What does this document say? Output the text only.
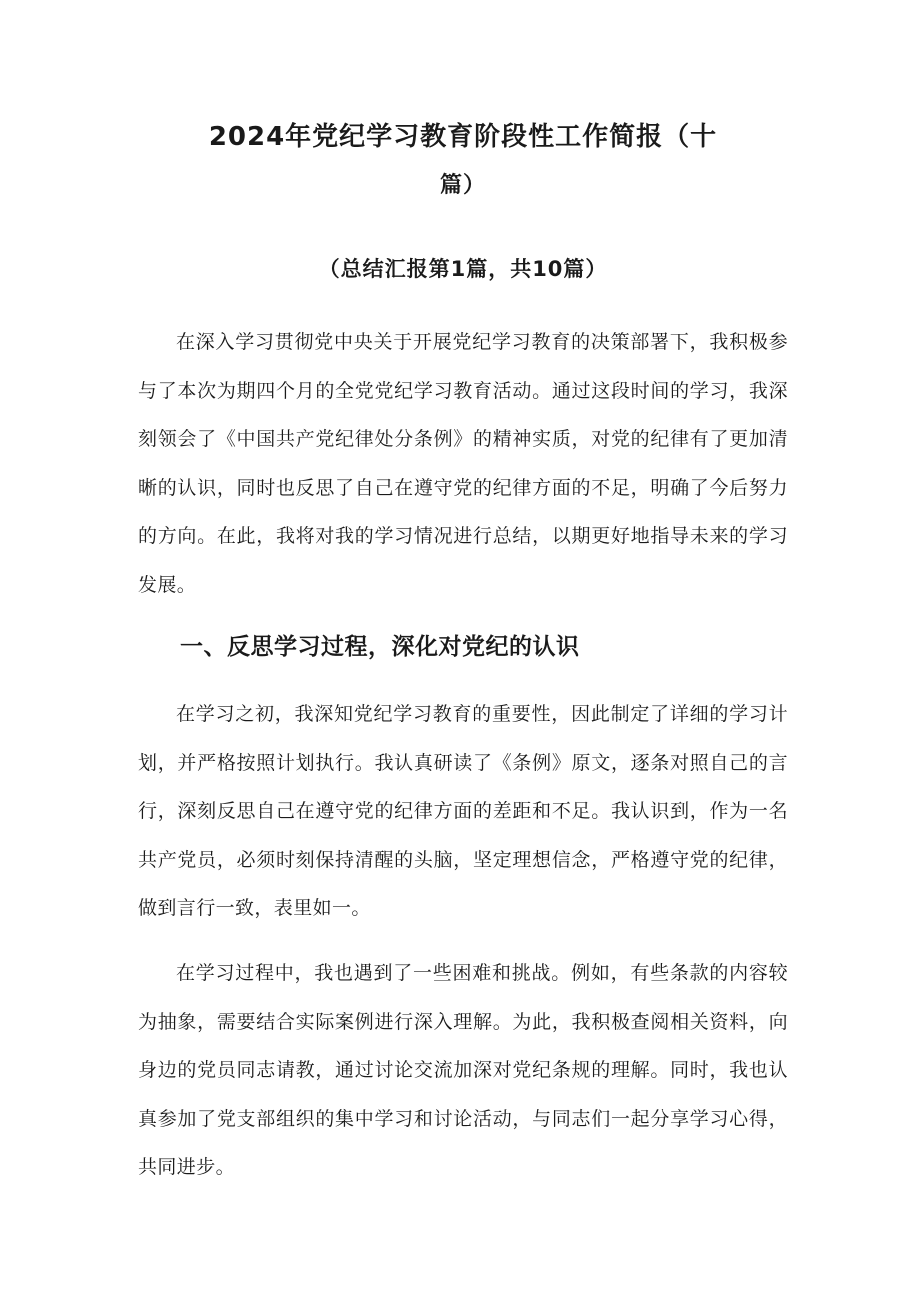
2024年党纪学习教育阶段性工作简报（十
篇）
（总结汇报第1篇，共10篇）

在深入学习贯彻党中央关于开展党纪学习教育的决策部署下，我积极参与了本次为期四个月的全党党纪学习教育活动。通过这段时间的学习，我深刻领会了《中国共产党纪律处分条例》的精神实质，对党的纪律有了更加清晰的认识，同时也反思了自己在遵守党的纪律方面的不足，明确了今后努力的方向。在此，我将对我的学习情况进行总结，以期更好地指导未来的学习发展。

一、反思学习过程，深化对党纪的认识

在学习之初，我深知党纪学习教育的重要性，因此制定了详细的学习计划，并严格按照计划执行。我认真研读了《条例》原文，逐条对照自己的言行，深刻反思自己在遵守党的纪律方面的差距和不足。我认识到，作为一名共产党员，必须时刻保持清醒的头脑，坚定理想信念，严格遵守党的纪律，做到言行一致，表里如一。

在学习过程中，我也遇到了一些困难和挑战。例如，有些条款的内容较为抽象，需要结合实际案例进行深入理解。为此，我积极查阅相关资料，向身边的党员同志请教，通过讨论交流加深对党纪条规的理解。同时，我也认真参加了党支部组织的集中学习和讨论活动，与同志们一起分享学习心得，共同进步。
